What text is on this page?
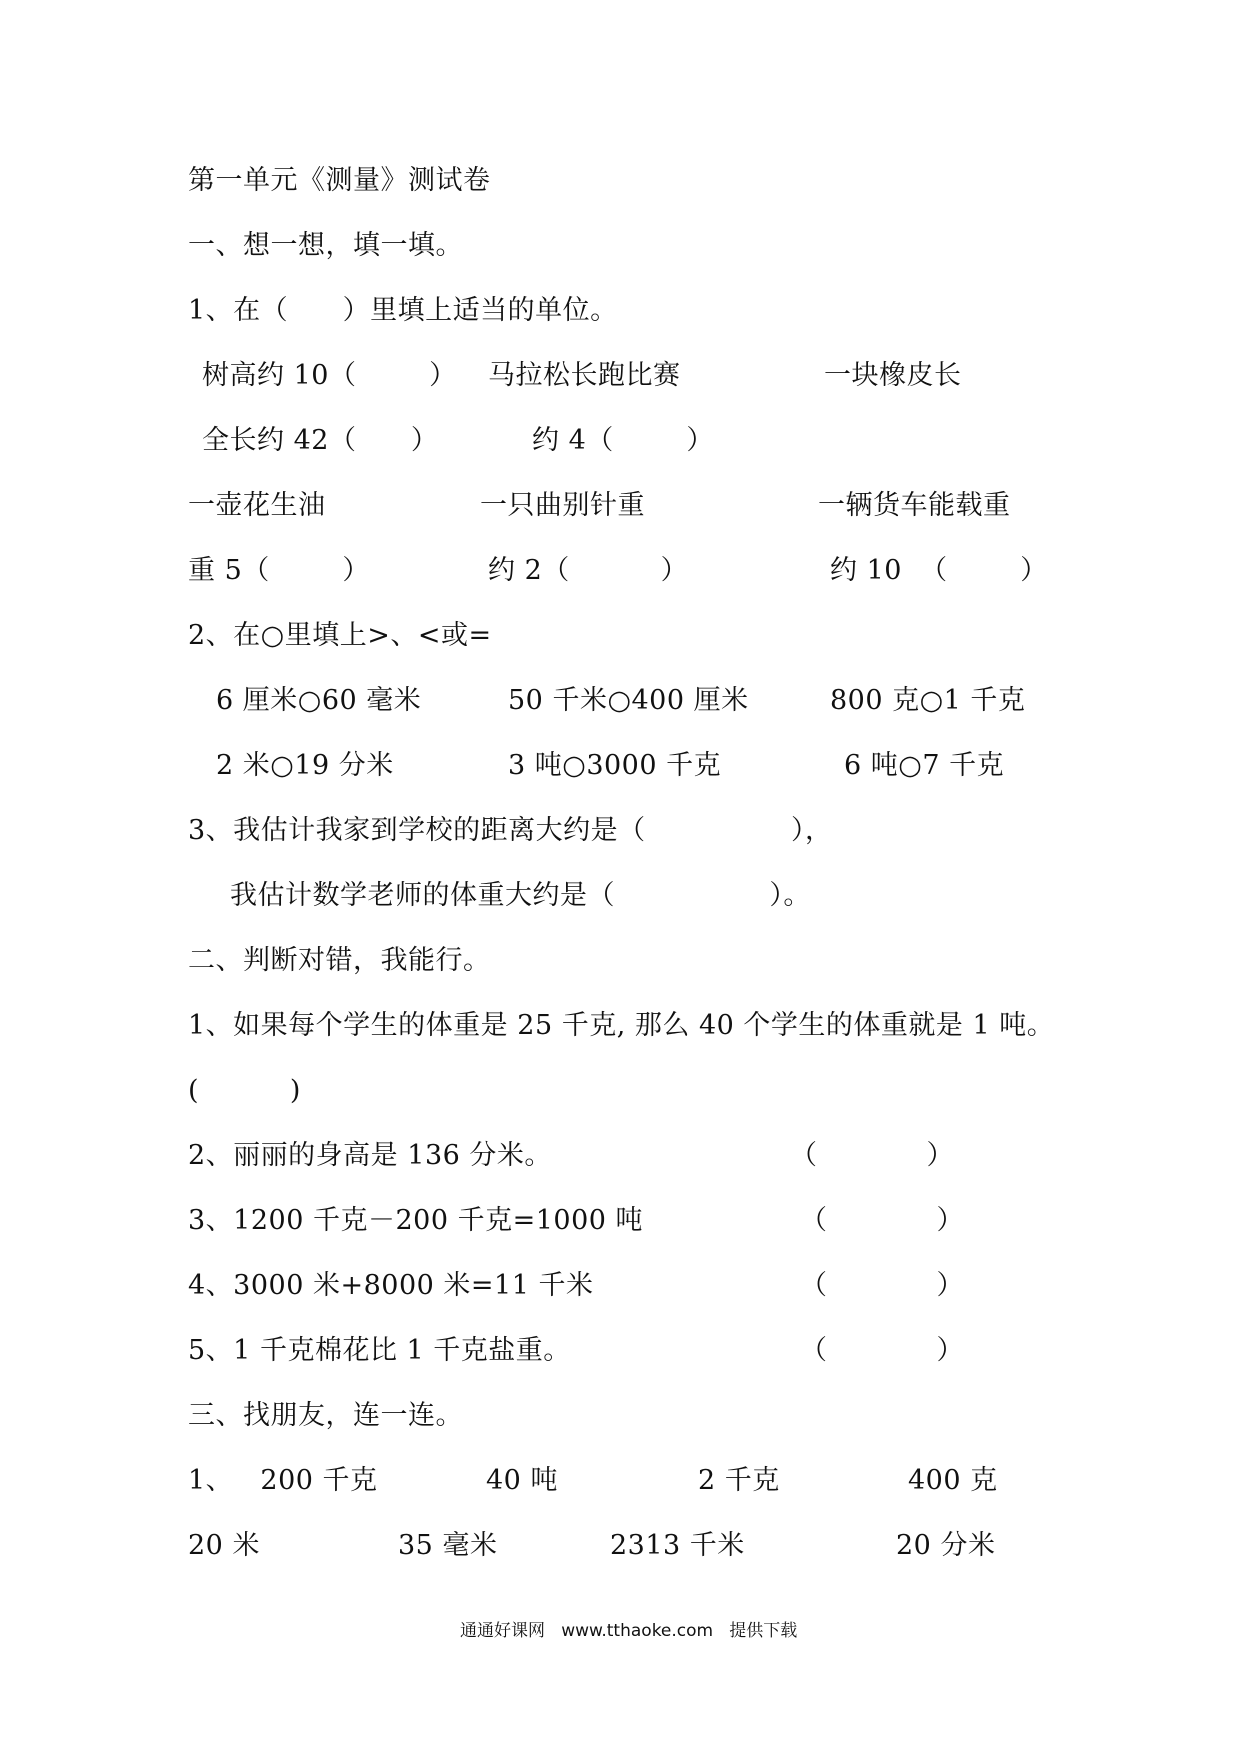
第一单元《测量》测试卷
一、想一想，填一填。
1、在（      ）里填上适当的单位。
树高约 10（        ） 马拉松长跑比赛	一块橡皮长
全长约 42（      ）	约 4（        ）
一壶花生油	一只曲别针重	一辆货车能载重
重 5（        ）	约 2（          ）	约 10  （        ）
2、在○里填上>、<或=
6 厘米○60 毫米	50 千米○400 厘米	800 克○1 千克
2 米○19 分米	3 吨○3000 千克	6 吨○7 千克
3、我估计我家到学校的距离大约是（                ），
我估计数学老师的体重大约是（                 ）。
二、判断对错，我能行。
1、如果每个学生的体重是 25 千克, 那么 40 个学生的体重就是 1 吨。
(          )
2、丽丽的身高是 136 分米。	（            ）
3、1200 千克－200 千克=1000 吨	（            ）
4、3000 米+8000 米=11 千米	（            ）
5、1 千克棉花比 1 千克盐重。	（            ）
三、找朋友，连一连。
1、   200 千克	40 吨	2 千克	400 克
20 米	35 毫米	2313 千米	20 分米
通通好课网   www.tthaoke.com   提供下载
